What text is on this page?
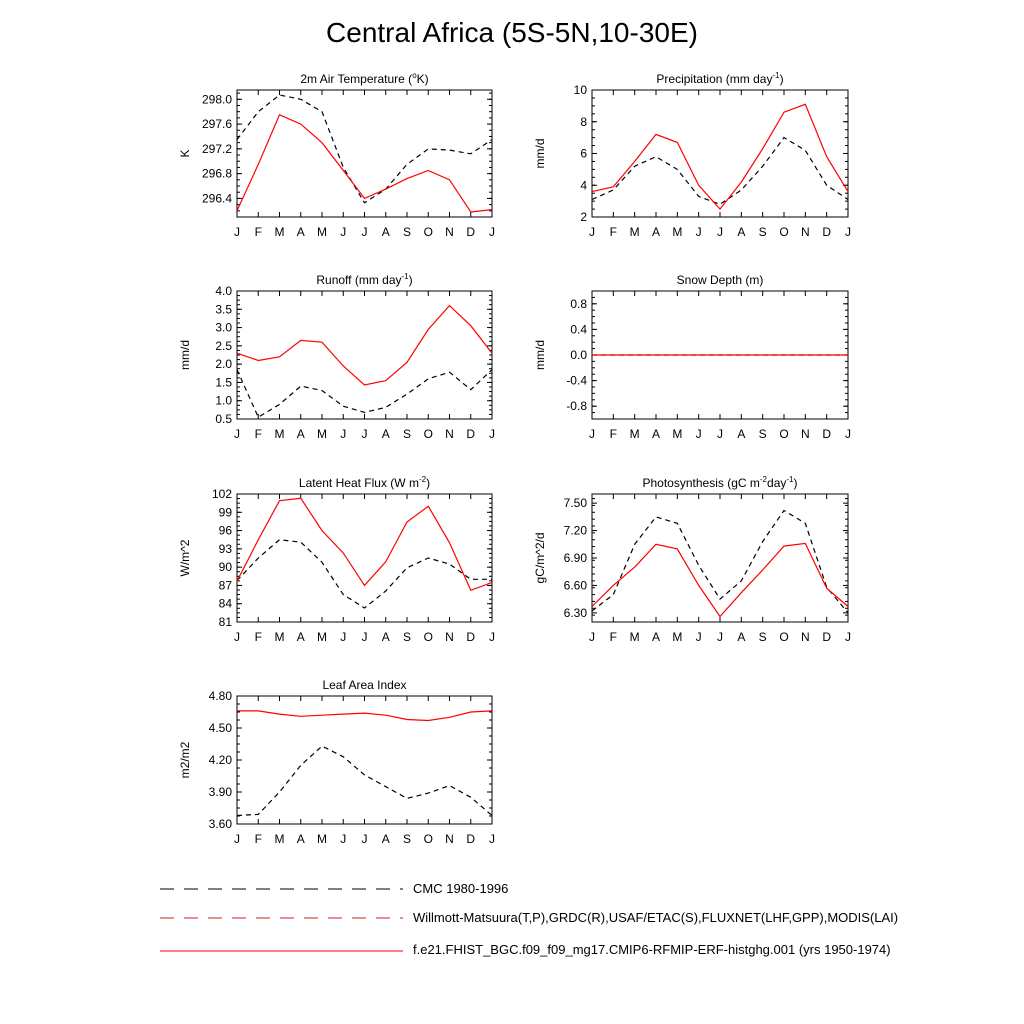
Central Africa (5S-5N,10-30E)
2m Air Temperature ($^o$K)
K
J F M A M J J A S O N D J
296.4
296.8
297.2
297.6
298.0
Precipitation (mm day$^{-1}$)
mm/d
J F M A M J J A S O N D J
2
4
6
8
10
Runoff (mm day$^{-1}$)
mm/d
J F M A M J J A S O N D J
0.5
1.0
1.5
2.0
2.5
3.0
3.5
4.0
Snow Depth (m)
mm/d
J F M A M J J A S O N D J
-0.8
-0.4
0.0
0.4
0.8
Latent Heat Flux (W $m^{-2}$)
W/m^2
J F M A M J J A S O N D J
81
84
87
90
93
96
99
102
Photosynthesis (gC $m^{-2}day^{-1}$)
gC/m^2/d
J F M A M J J A S O N D J
6.30
6.60
6.90
7.20
7.50
Leaf Area Index
m2/m2
J F M A M J J A S O N D J
3.60
3.90
4.20
4.50
4.80
CMC 1980-1996
Willmott-Matsuura(T,P),GRDC(R),USAF/ETAC(S),FLUXNET(LHF,GPP),MODIS(LAI)
f.e21.FHIST_BGC.f09_f09_mg17.CMIP6-RFMIP-ERF-histghg.001 (yrs 1950-1974)
